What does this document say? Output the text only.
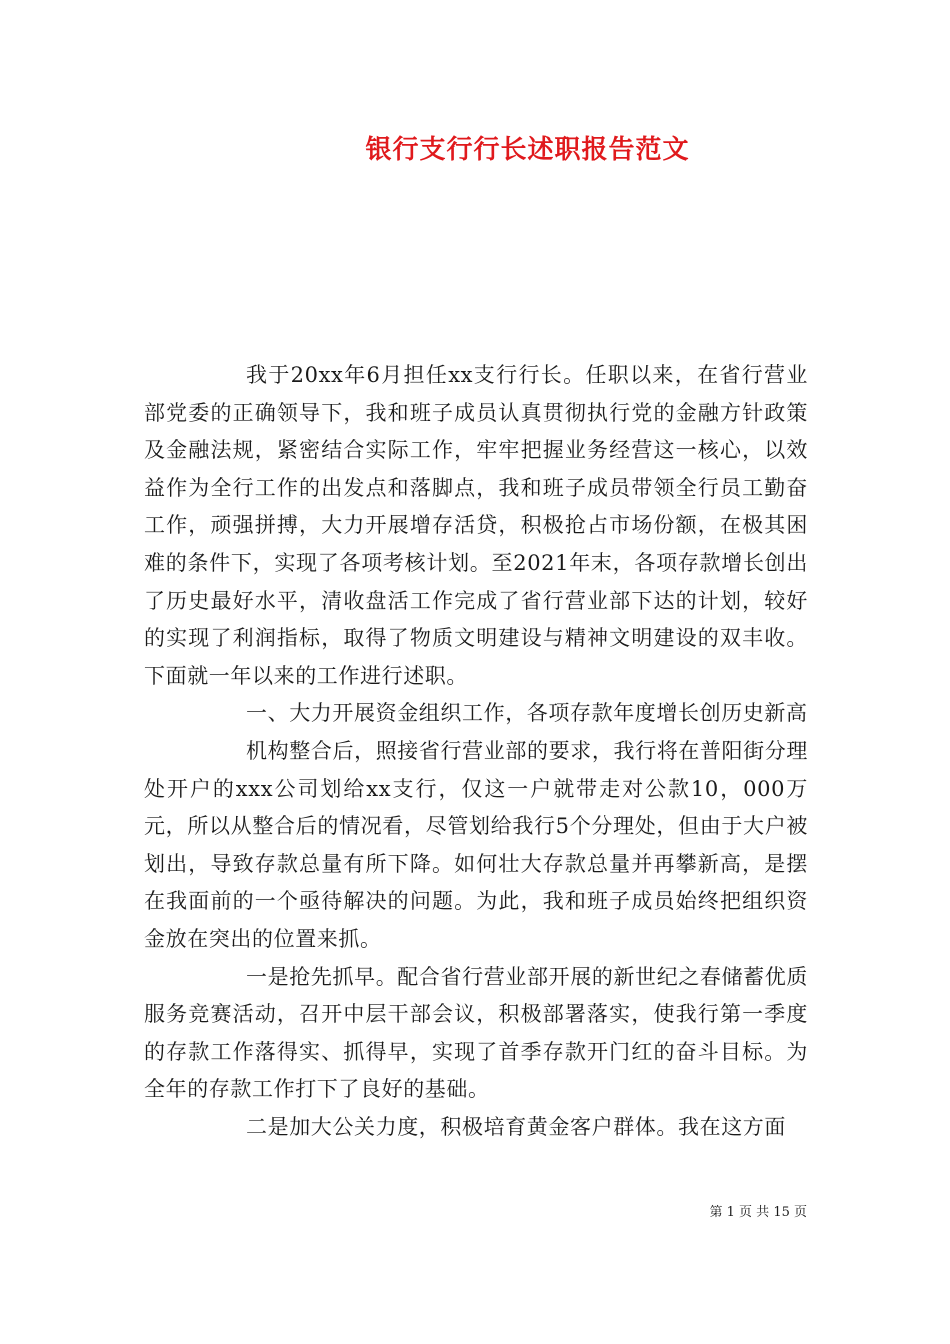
银行支行行长述职报告范文

我于20xx年6月担任xx支行行长。任职以来，在省行营业部党委的正确领导下，我和班子成员认真贯彻执行党的金融方针政策及金融法规，紧密结合实际工作，牢牢把握业务经营这一核心，以效益作为全行工作的出发点和落脚点，我和班子成员带领全行员工勤奋工作，顽强拼搏，大力开展增存活贷，积极抢占市场份额，在极其困难的条件下，实现了各项考核计划。至2021年末，各项存款增长创出了历史最好水平，清收盘活工作完成了省行营业部下达的计划，较好的实现了利润指标，取得了物质文明建设与精神文明建设的双丰收。下面就一年以来的工作进行述职。

一、大力开展资金组织工作，各项存款年度增长创历史新高

机构整合后，照接省行营业部的要求，我行将在普阳街分理处开户的xxx公司划给xx支行，仅这一户就带走对公款10，000万元，所以从整合后的情况看，尽管划给我行5个分理处，但由于大户被划出，导致存款总量有所下降。如何壮大存款总量并再攀新高，是摆在我面前的一个亟待解决的问题。为此，我和班子成员始终把组织资金放在突出的位置来抓。

一是抢先抓早。配合省行营业部开展的新世纪之春储蓄优质服务竞赛活动，召开中层干部会议，积极部署落实，使我行第一季度的存款工作落得实、抓得早，实现了首季存款开门红的奋斗目标。为全年的存款工作打下了良好的基础。

二是加大公关力度，积极培育黄金客户群体。我在这方面

第 1 页 共 15 页
